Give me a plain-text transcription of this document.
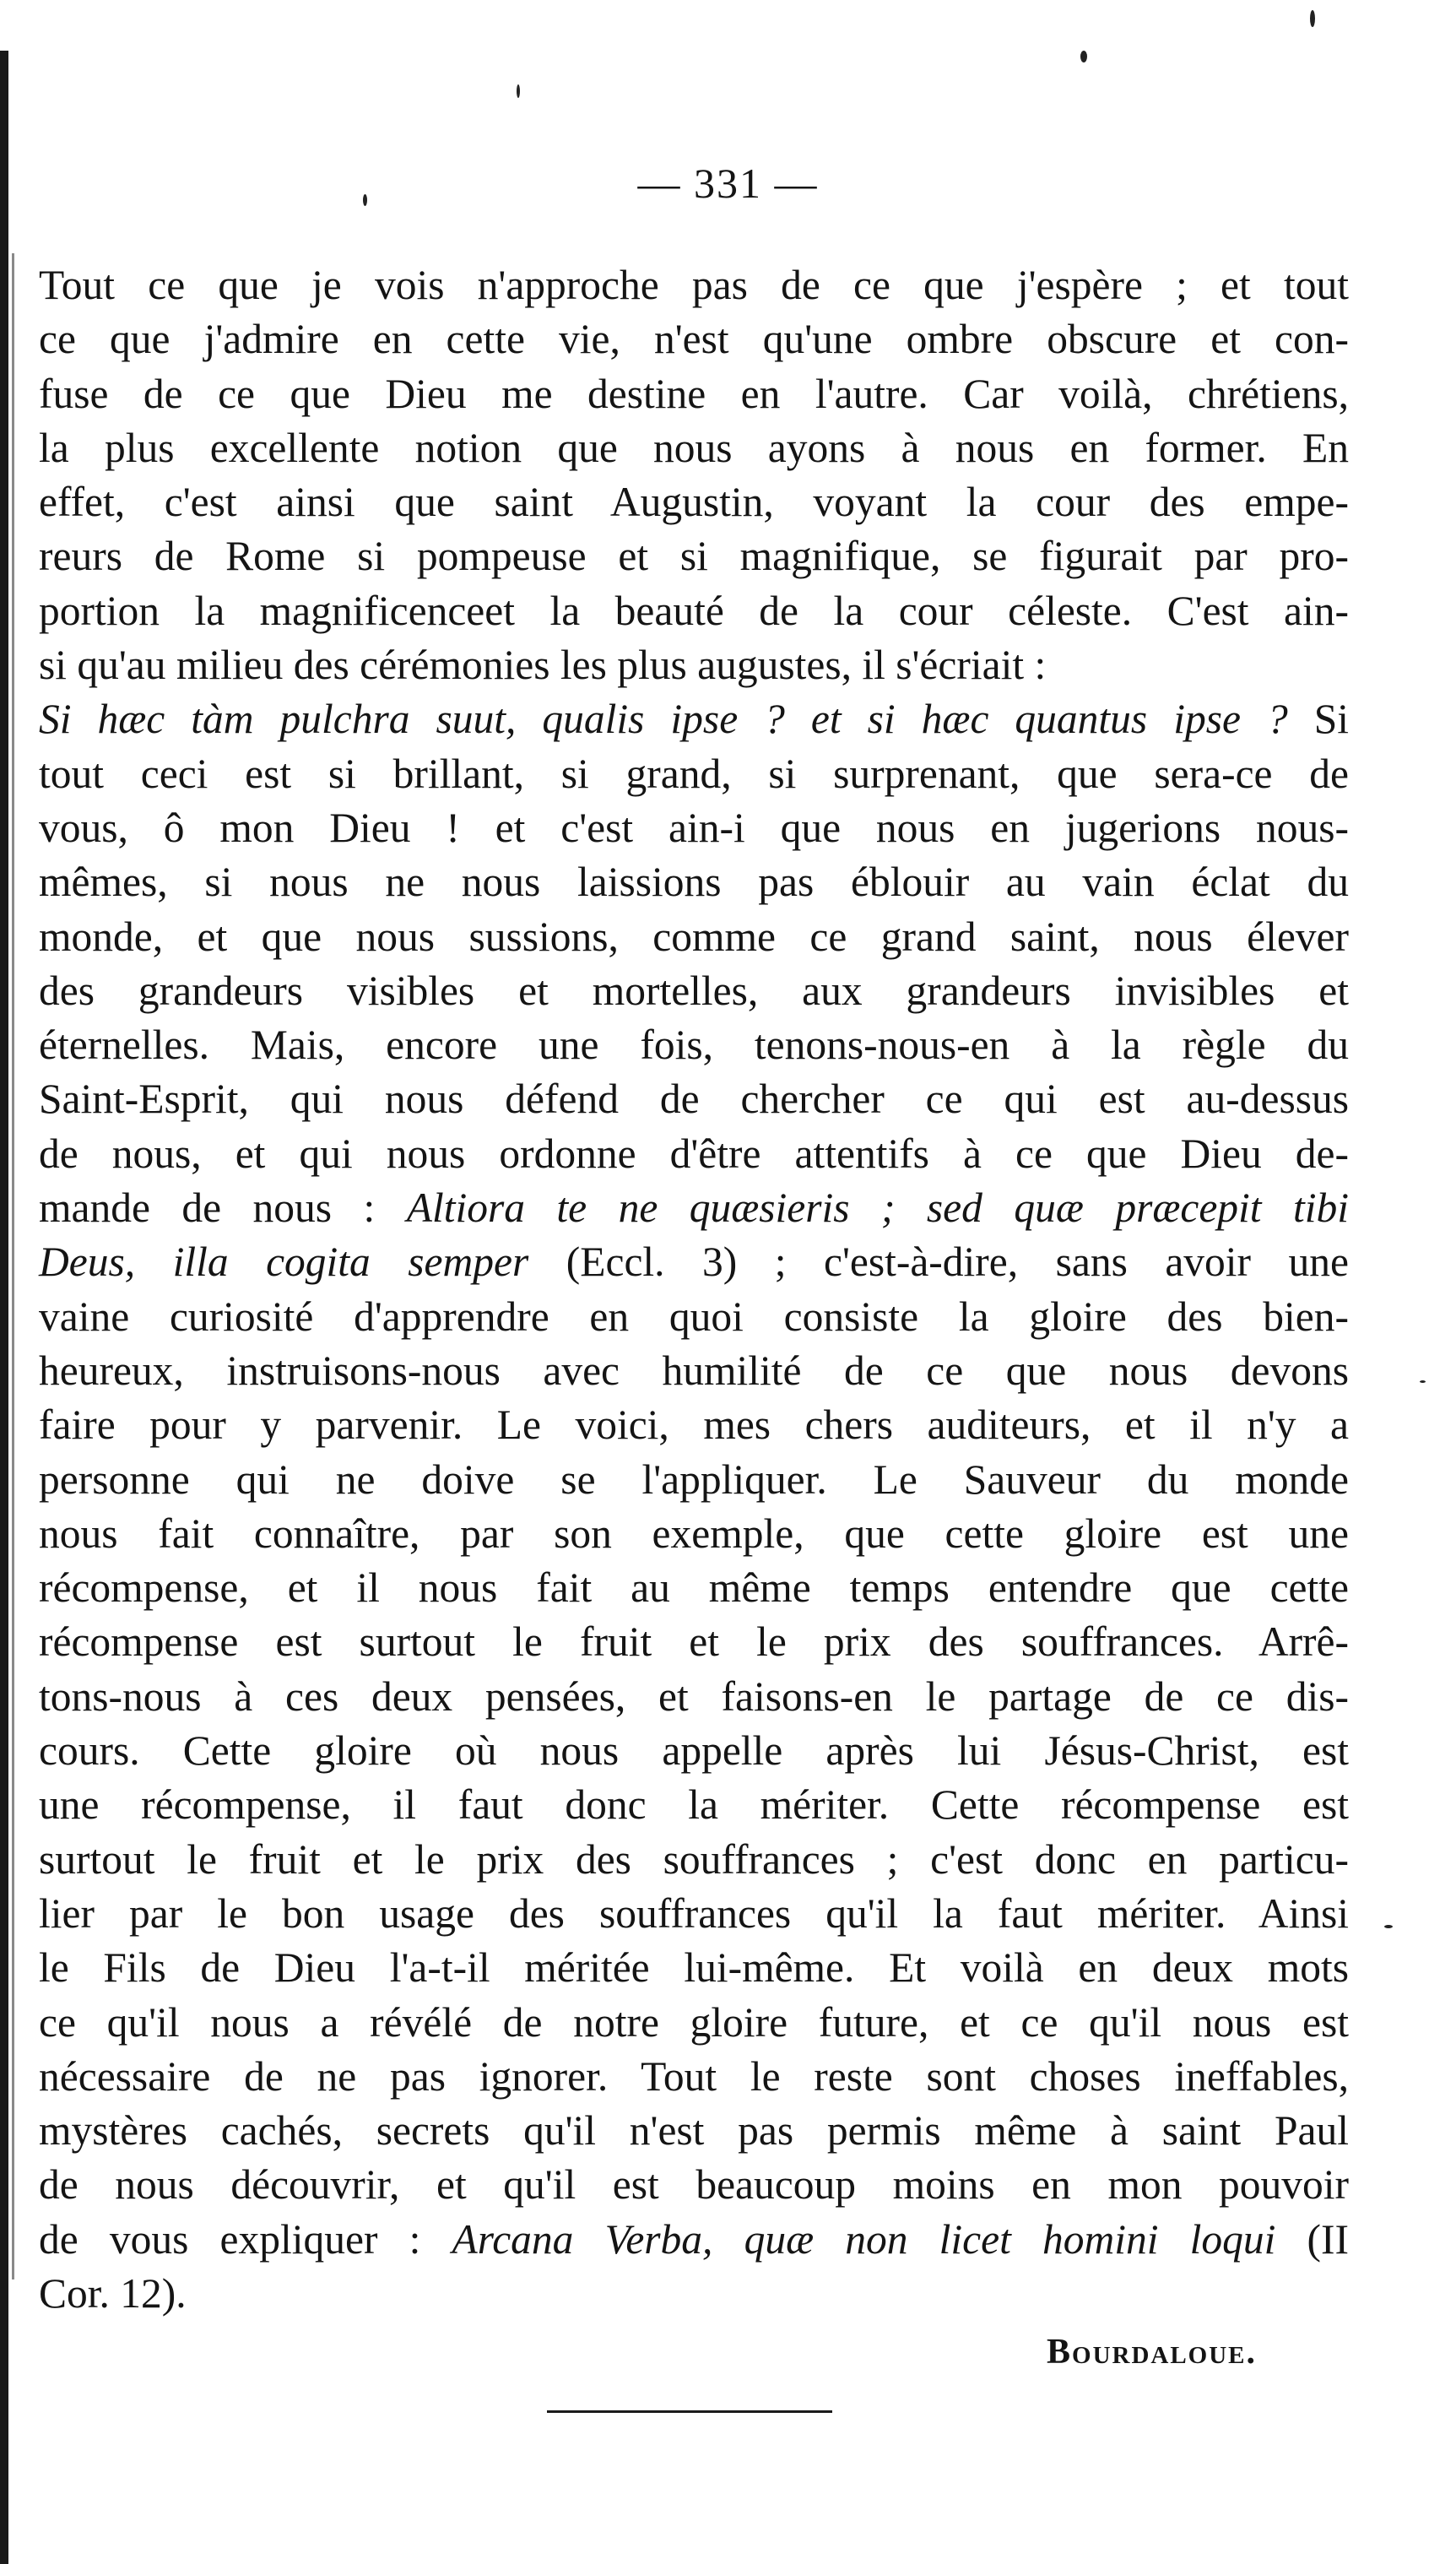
— 331 —
Tout ce que je vois n'approche pas de ce que j'espère ; et tout
ce que j'admire en cette vie, n'est qu'une ombre obscure et con-
fuse de ce que Dieu me destine en l'autre. Car voilà, chrétiens,
la plus excellente notion que nous ayons à nous en former. En
effet, c'est ainsi que saint Augustin, voyant la cour des empe-
reurs de Rome si pompeuse et si magnifique, se figurait par pro-
portion la magnificenceet la beauté de la cour céleste. C'est ain-
si qu'au milieu des cérémonies les plus augustes, il s'écriait :
Si hæc tàm pulchra suut, qualis ipse ? et si hæc quantus ipse ? Si
tout ceci est si brillant, si grand, si surprenant, que sera-ce de
vous, ô mon Dieu ! et c'est ain-i que nous en jugerions nous-
mêmes, si nous ne nous laissions pas éblouir au vain éclat du
monde, et que nous sussions, comme ce grand saint, nous élever
des grandeurs visibles et mortelles, aux grandeurs invisibles et
éternelles. Mais, encore une fois, tenons-nous-en à la règle du
Saint-Esprit, qui nous défend de chercher ce qui est au-dessus
de nous, et qui nous ordonne d'être attentifs à ce que Dieu de-
mande de nous : Altiora te ne quæsieris ; sed quæ præcepit tibi
Deus, illa cogita semper (Eccl. 3) ; c'est-à-dire, sans avoir une
vaine curiosité d'apprendre en quoi consiste la gloire des bien-
heureux, instruisons-nous avec humilité de ce que nous devons
faire pour y parvenir. Le voici, mes chers auditeurs, et il n'y a
personne qui ne doive se l'appliquer. Le Sauveur du monde
nous fait connaître, par son exemple, que cette gloire est une
récompense, et il nous fait au même temps entendre que cette
récompense est surtout le fruit et le prix des souffrances. Arrê-
tons-nous à ces deux pensées, et faisons-en le partage de ce dis-
cours. Cette gloire où nous appelle après lui Jésus-Christ, est
une récompense, il faut donc la mériter. Cette récompense est
surtout le fruit et le prix des souffrances ; c'est donc en particu-
lier par le bon usage des souffrances qu'il la faut mériter. Ainsi
le Fils de Dieu l'a-t-il méritée lui-même. Et voilà en deux mots
ce qu'il nous a révélé de notre gloire future, et ce qu'il nous est
nécessaire de ne pas ignorer. Tout le reste sont choses ineffables,
mystères cachés, secrets qu'il n'est pas permis même à saint Paul
de nous découvrir, et qu'il est beaucoup moins en mon pouvoir
de vous expliquer : Arcana Verba, quæ non licet homini loqui (II
Cor. 12).
Bourdaloue.
